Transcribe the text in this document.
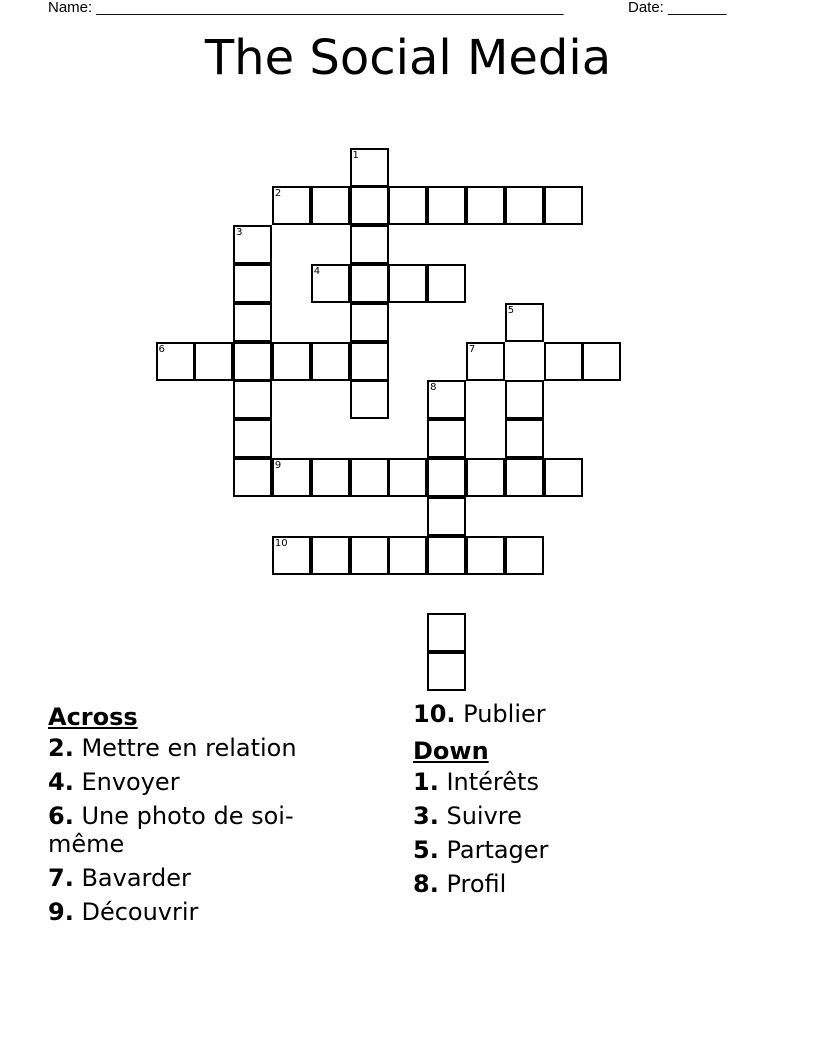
Name: ________________________________________________________	Date: _______
The Social Media
1
2
3
4
5
6	7
8
9
10
Across
2. Mettre en relation
4. Envoyer
6. Une photo de soi-même
7. Bavarder
9. Découvrir
10. Publier
Down
1. Intérêts
3. Suivre
5. Partager
8. Profil
